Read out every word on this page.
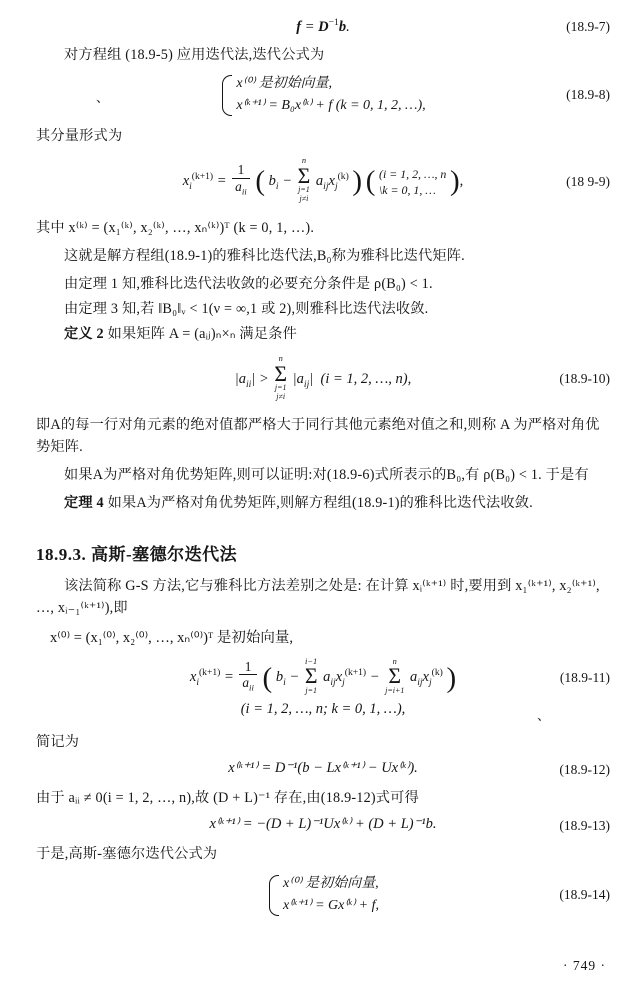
$f = D^{-1}b$.	(18.9-7)
对方程组 (18.9-5) 应用迭代法,迭代公式为
x⁽⁰⁾ 是初始向量,
x⁽ᵏ⁺¹⁾ = B₀x⁽ᵏ⁾ + f (k = 0, 1, 2, …),
(18.9-8)
、
其分量形式为
$x_i^{(k+1)} = \frac{1}{a_{ii}}$ ( $b_i$ −
n
Σ
j=1
j≠i
$a_{ij}x_j^{(k)}$ ) ( (i = 1, 2, …, n
\k = 0, 1, … ),	(18 9-9)
其中 x⁽ᵏ⁾ = (x₁⁽ᵏ⁾, x₂⁽ᵏ⁾, …, xₙ⁽ᵏ⁾)ᵀ (k = 0, 1, …).
这就是解方程组(18.9-1)的雅科比迭代法,B₀称为雅科比迭代矩阵.
由定理 1 知,雅科比迭代法收敛的必要充分条件是 ρ(B₀) < 1.
由定理 3 知,若 ‖B₀‖ᵥ < 1(ν = ∞,1 或 2),则雅科比迭代法收敛.
定义 2 如果矩阵 A = (aᵢⱼ)ₙ×ₙ 满足条件
$|a_{ii}|$ >
n
Σ
j=1
j≠i
$|a_{ij}|$  (i = 1, 2, …, n),	(18.9-10)
即A的每一行对角元素的绝对值都严格大于同行其他元素绝对值之和,则称 A 为严格对角优势矩阵.
如果A为严格对角优势矩阵,则可以证明:对(18.9-6)式所表示的B₀,有 ρ(B₀) < 1. 于是有
定理 4 如果A为严格对角优势矩阵,则解方程组(18.9-1)的雅科比迭代法收敛.
18.9.3. 高斯-塞德尔迭代法
该法简称 G-S 方法,它与雅科比方法差别之处是: 在计算 xᵢ⁽ᵏ⁺¹⁾ 时,要用到 x₁⁽ᵏ⁺¹⁾, x₂⁽ᵏ⁺¹⁾, …, xᵢ₋₁⁽ᵏ⁺¹⁾),即
x⁽⁰⁾ = (x₁⁽⁰⁾, x₂⁽⁰⁾, …, xₙ⁽⁰⁾)ᵀ 是初始向量,
$x_i^{(k+1)} = \frac{1}{a_{ii}}$ ( $b_i$ −
i−1
Σ
j=1
$a_{ij}x_j^{(k+1)}$ −
n
Σ
j=i+1
$a_{ij}x_j^{(k)}$ )	(18.9-11)
(i = 1, 2, …, n; k = 0, 1, …),	、
简记为
x⁽ᵏ⁺¹⁾ = D⁻¹(b − Lx⁽ᵏ⁺¹⁾ − Ux⁽ᵏ⁾).	(18.9-12)
由于 aᵢᵢ ≠ 0(i = 1, 2, …, n),故 (D + L)⁻¹ 存在,由(18.9-12)式可得
x⁽ᵏ⁺¹⁾ = −(D + L)⁻¹Ux⁽ᵏ⁾ + (D + L)⁻¹b.	(18.9-13)
于是,高斯-塞德尔迭代公式为
x⁽⁰⁾ 是初始向量,
x⁽ᵏ⁺¹⁾ = Gx⁽ᵏ⁾ + f,
(18.9-14)
· 749 ·
